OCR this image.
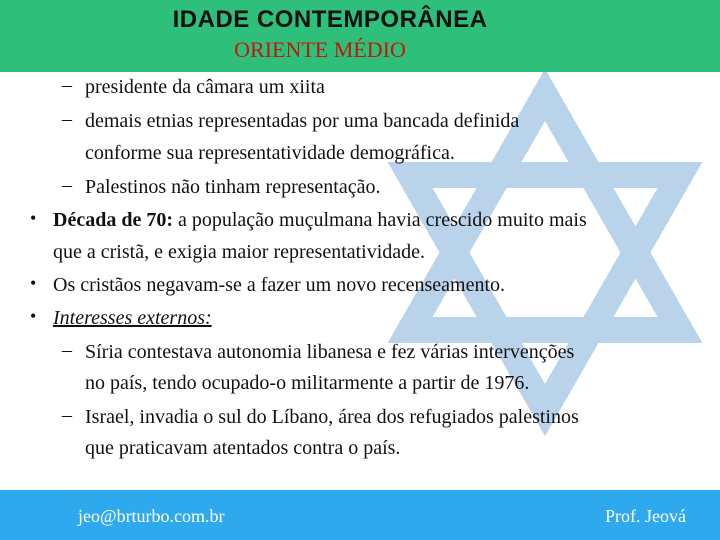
IDADE CONTEMPORÂNEA
ORIENTE MÉDIO
– presidente da câmara um xiita
– demais etnias representadas por uma bancada definida
conforme sua representatividade demográfica.
– Palestinos não tinham representação.
• Década de 70: a população muçulmana havia crescido muito mais
que a cristã, e exigia maior representatividade.
• Os cristãos negavam-se a fazer um novo recenseamento.
• Interesses externos:
– Síria contestava autonomia libanesa e fez várias intervenções
no país, tendo ocupado-o militarmente a partir de 1976.
– Israel, invadia o sul do Líbano, área dos refugiados palestinos
que praticavam atentados contra o país.
jeo@brturbo.com.br	Prof. Jeová
